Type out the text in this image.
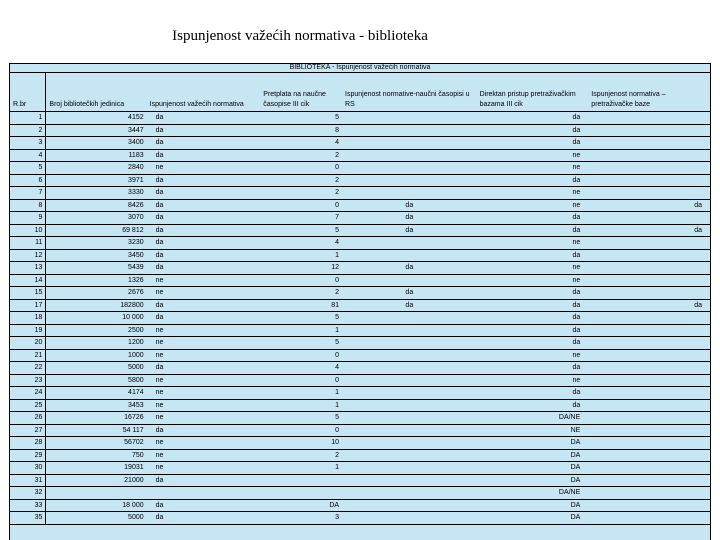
Ispunjenost važećih normativa - biblioteka
BIBLIOTEKA - Ispunjenost važećih normativa
R.br	Broj bibliotečkih jedinica	Ispunjenost važećih normativa	Pretplata na naučne časopise III cik	Ispunjenost normative-naučni časopisi u RS	Direktan pristup pretraživačkim bazama III cik	Ispunjenost normativa – pretraživačke baze
1	4152	da	5		da	
2	3447	da	8		da	
3	3400	da	4		da	
4	1183	da	2		ne	
5	2840	ne	0		ne	
6	3971	da	2		da	
7	3330	da	2		ne	
8	8426	da	0	da	ne	da
9	3070	da	7	da	da	
10	69 812	da	5	da	da	da
11	3230	da	4		ne	
12	3450	da	1		da	
13	5439	da	12	da	ne	
14	1326	ne	0		ne	
15	2676	ne	2	da	da	
17	182800	da	81	da	da	da
18	10 000	da	5		da	
19	2500	ne	1		da	
20	1200	ne	5		da	
21	1000	ne	0		ne	
22	5000	da	4		da	
23	5800	ne	0		ne	
24	4174	ne	1		da	
25	3453	ne	1		da	
26	16726	ne	5		DA/NE	
27	54 117	da	0		NE	
28	56702	ne	10		DA	
29	750	ne	2		DA	
30	19031	ne	1		DA	
31	21000	da			DA	
32					DA/NE	
33	18 000	da	DA		DA	
35	5000	da	3		DA	
